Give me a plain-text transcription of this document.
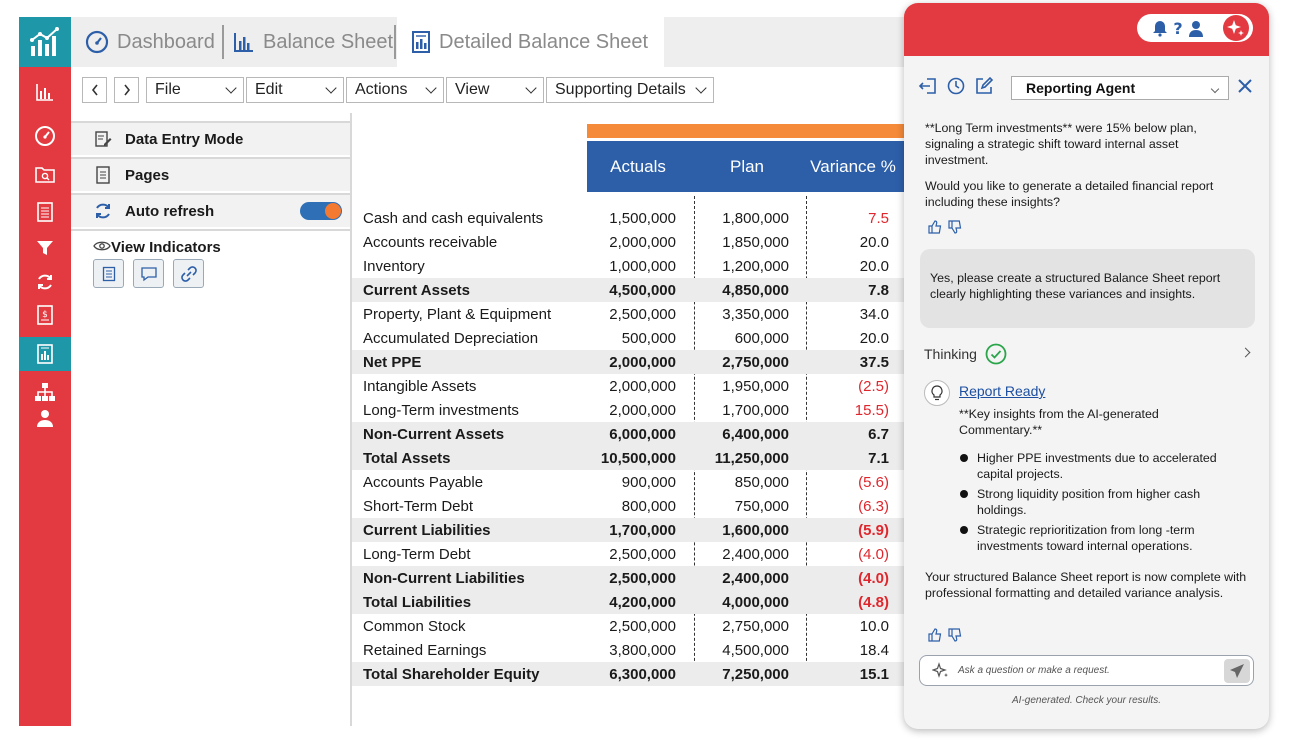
$
Dashboard Balance Sheet Detailed Balance Sheet
File	Edit	Actions	View	Supporting Details
Data Entry Mode
Pages
Auto refresh
View Indicators
Actuals	Plan	Variance %
Cash and cash equivalents	1,500,000	1,800,000	7.5
Accounts receivable	2,000,000	1,850,000	20.0
Inventory	1,000,000	1,200,000	20.0
Current Assets	4,500,000	4,850,000	7.8
Property, Plant & Equipment	2,500,000	3,350,000	34.0
Accumulated Depreciation	500,000	600,000	20.0
Net PPE	2,000,000	2,750,000	37.5
Intangible Assets	2,000,000	1,950,000	(2.5)
Long-Term investments	2,000,000	1,700,000	15.5)
Non-Current Assets	6,000,000	6,400,000	6.7
Total Assets	10,500,000	11,250,000	7.1
Accounts Payable	900,000	850,000	(5.6)
Short-Term Debt	800,000	750,000	(6.3)
Current Liabilities	1,700,000	1,600,000	(5.9)
Long-Term Debt	2,500,000	2,400,000	(4.0)
Non-Current Liabilities	2,500,000	2,400,000	(4.0)
Total Liabilities	4,200,000	4,000,000	(4.8)
Common Stock	2,500,000	2,750,000	10.0
Retained Earnings	3,800,000	4,500,000	18.4
Total Shareholder Equity	6,300,000	7,250,000	15.1
?
Reporting Agent
**Long Term investments** were 15% below plan, signaling a strategic shift toward internal asset investment.
Would you like to generate a detailed financial report including these insights?
Yes, please create a structured Balance Sheet report clearly highlighting these variances and insights.
Thinking
Report Ready
**Key insights from the AI-generated Commentary.**
Higher PPE investments due to accelerated capital projects.
Strong liquidity position from higher cash holdings.
Strategic reprioritization from long -term investments toward internal operations.
Your structured Balance Sheet report is now complete with professional formatting and detailed variance analysis.
Ask a question or make a request.
AI-generated. Check your results.
